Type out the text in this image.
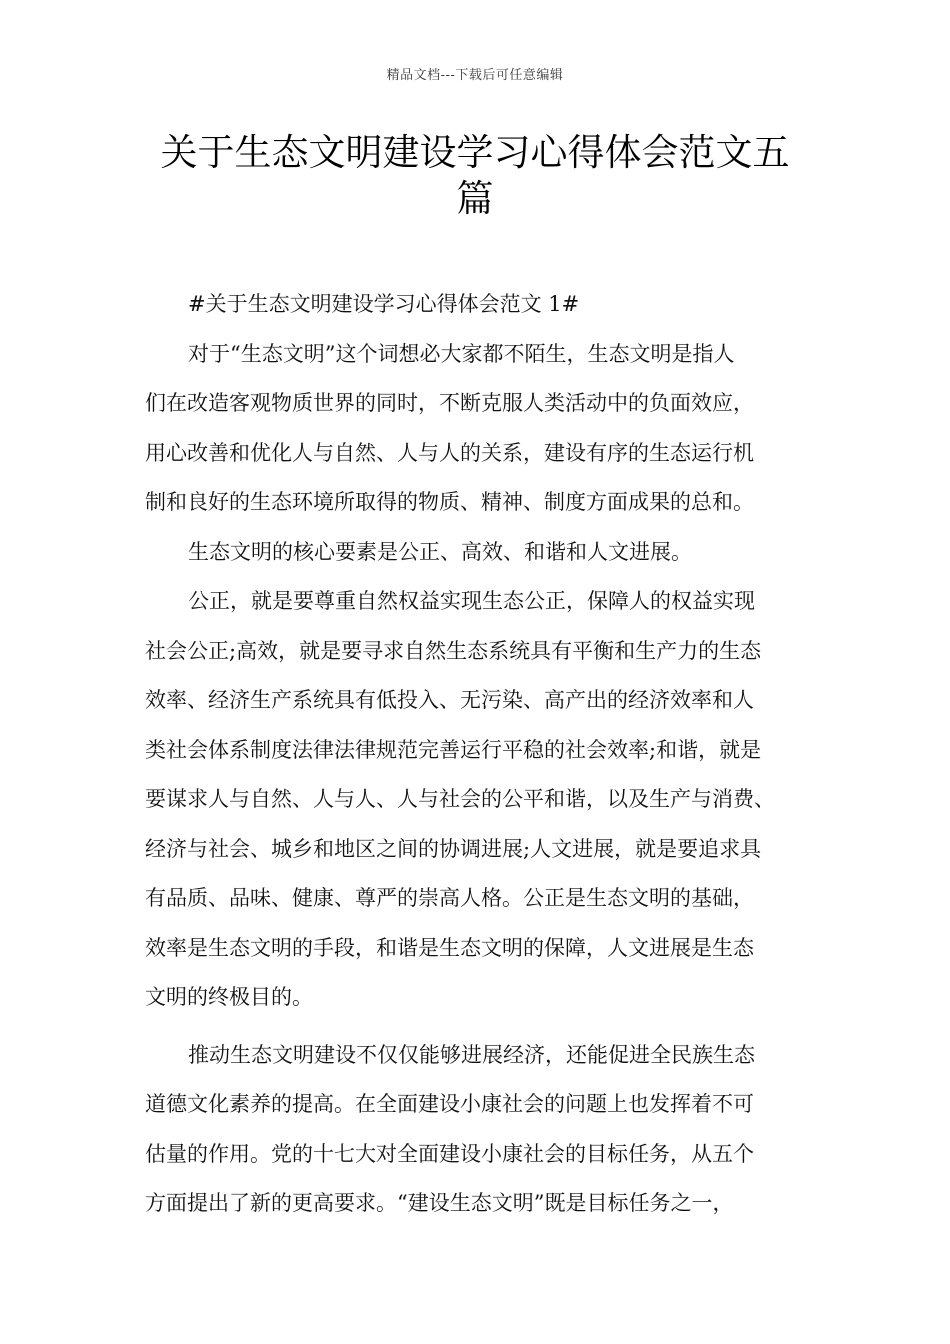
精品文档---下载后可任意编辑
关于生态文明建设学习心得体会范文五
篇
#关于生态文明建设学习心得体会范文 1#
对于“生态文明”这个词想必大家都不陌生，生态文明是指人
们在改造客观物质世界的同时，不断克服人类活动中的负面效应，
用心改善和优化人与自然、人与人的关系，建设有序的生态运行机
制和良好的生态环境所取得的物质、精神、制度方面成果的总和。
生态文明的核心要素是公正、高效、和谐和人文进展。
公正，就是要尊重自然权益实现生态公正，保障人的权益实现
社会公正;高效，就是要寻求自然生态系统具有平衡和生产力的生态
效率、经济生产系统具有低投入、无污染、高产出的经济效率和人
类社会体系制度法律法律规范完善运行平稳的社会效率;和谐，就是
要谋求人与自然、人与人、人与社会的公平和谐，以及生产与消费、
经济与社会、城乡和地区之间的协调进展;人文进展，就是要追求具
有品质、品味、健康、尊严的崇高人格。公正是生态文明的基础，
效率是生态文明的手段，和谐是生态文明的保障，人文进展是生态
文明的终极目的。
推动生态文明建设不仅仅能够进展经济，还能促进全民族生态
道德文化素养的提高。在全面建设小康社会的问题上也发挥着不可
估量的作用。党的十七大对全面建设小康社会的目标任务，从五个
方面提出了新的更高要求。“建设生态文明”既是目标任务之一，
